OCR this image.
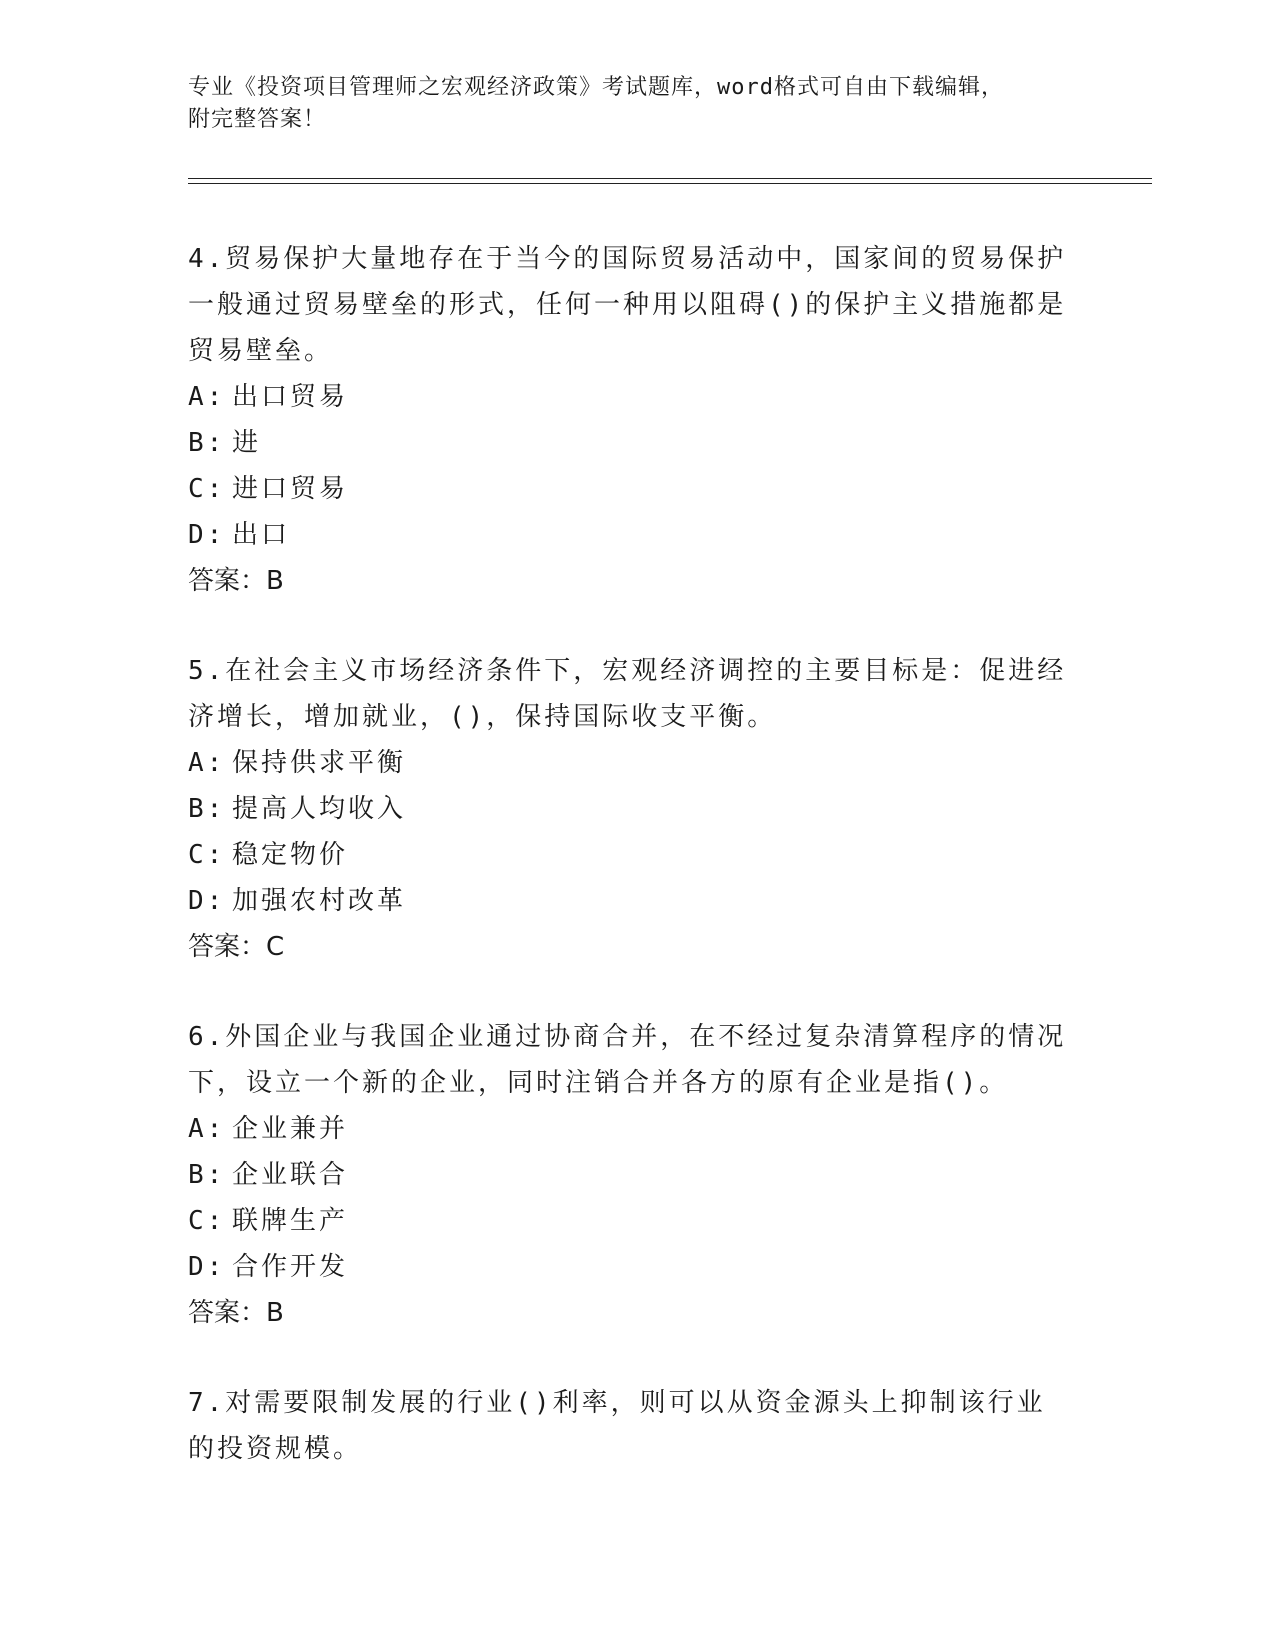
专业《投资项目管理师之宏观经济政策》考试题库，word格式可自由下载编辑，
附完整答案！

4.贸易保护大量地存在于当今的国际贸易活动中，国家间的贸易保护一般通过贸易壁垒的形式，任何一种用以阻碍()的保护主义措施都是贸易壁垒。

A: 出口贸易

B: 进

C: 进口贸易

D: 出口

答案：B

5.在社会主义市场经济条件下，宏观经济调控的主要目标是：促进经济增长，增加就业，()，保持国际收支平衡。

A: 保持供求平衡

B: 提高人均收入

C: 稳定物价

D: 加强农村改革

答案：C

6.外国企业与我国企业通过协商合并，在不经过复杂清算程序的情况下，设立一个新的企业，同时注销合并各方的原有企业是指()。

A: 企业兼并

B: 企业联合

C: 联牌生产

D: 合作开发

答案：B

7.对需要限制发展的行业()利率，则可以从资金源头上抑制该行业的投资规模。
